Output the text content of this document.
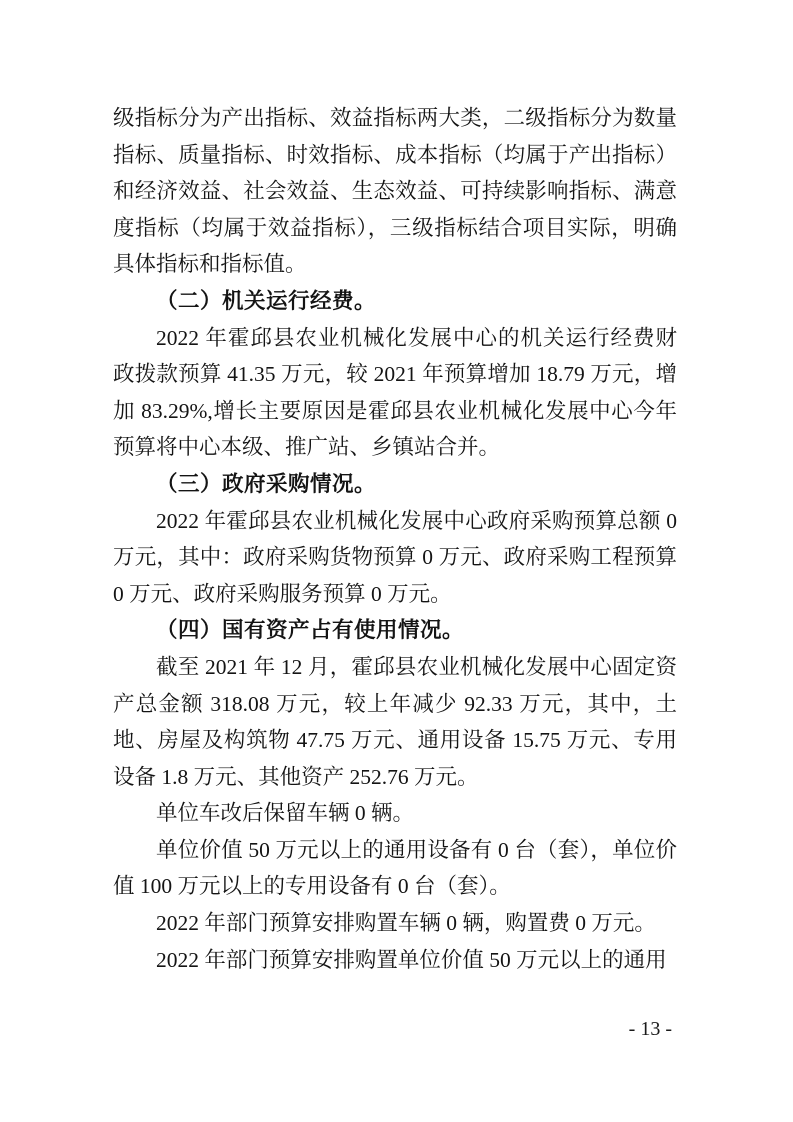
级指标分为产出指标、效益指标两大类，二级指标分为数量指标、质量指标、时效指标、成本指标（均属于产出指标）和经济效益、社会效益、生态效益、可持续影响指标、满意度指标（均属于效益指标），三级指标结合项目实际，明确具体指标和指标值。

（二）机关运行经费。

2022 年霍邱县农业机械化发展中心的机关运行经费财政拨款预算 41.35 万元，较 2021 年预算增加 18.79 万元，增加 83.29%,增长主要原因是霍邱县农业机械化发展中心今年预算将中心本级、推广站、乡镇站合并。

（三）政府采购情况。

2022 年霍邱县农业机械化发展中心政府采购预算总额 0 万元，其中：政府采购货物预算 0 万元、政府采购工程预算 0 万元、政府采购服务预算 0 万元。

（四）国有资产占有使用情况。

截至 2021 年 12 月，霍邱县农业机械化发展中心固定资产总金额 318.08 万元，较上年减少 92.33 万元，其中，土地、房屋及构筑物 47.75 万元、通用设备 15.75 万元、专用设备 1.8 万元、其他资产 252.76 万元。

单位车改后保留车辆 0 辆。

单位价值 50 万元以上的通用设备有 0 台（套），单位价值 100 万元以上的专用设备有 0 台（套）。

2022 年部门预算安排购置车辆 0 辆，购置费 0 万元。

2022 年部门预算安排购置单位价值 50 万元以上的通用

- 13 -
